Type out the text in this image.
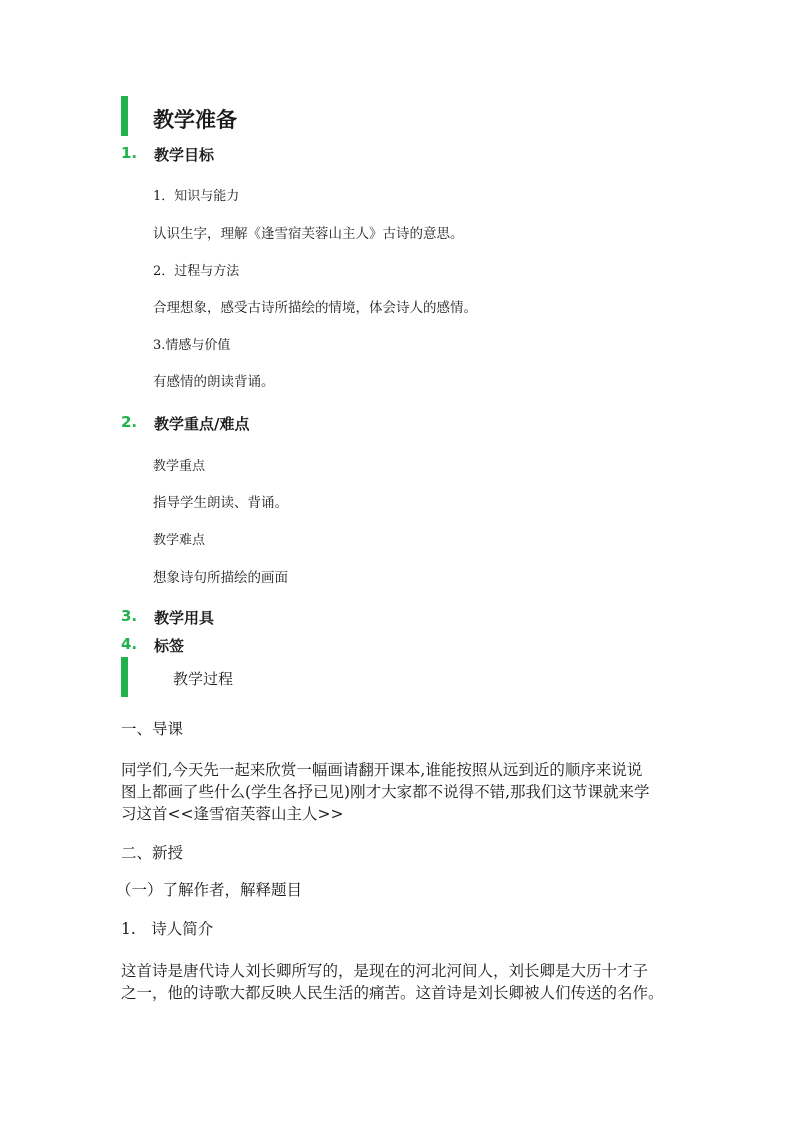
教学准备
1. 教学目标
1．知识与能力
认识生字，理解《逢雪宿芙蓉山主人》古诗的意思。
2．过程与方法
合理想象，感受古诗所描绘的情境，体会诗人的感情。
3.情感与价值
有感情的朗读背诵。
2. 教学重点/难点
教学重点
指导学生朗读、背诵。
教学难点
想象诗句所描绘的画面
3. 教学用具
4. 标签
教学过程
一、导课
同学们,今天先一起来欣赏一幅画请翻开课本,谁能按照从远到近的顺序来说说
图上都画了些什么(学生各抒已见)刚才大家都不说得不错,那我们这节课就来学
习这首<<逢雪宿芙蓉山主人>>
二、新授
（一）了解作者，解释题目
1.　诗人简介
这首诗是唐代诗人刘长卿所写的，是现在的河北河间人，刘长卿是大历十才子
之一，他的诗歌大都反映人民生活的痛苦。这首诗是刘长卿被人们传送的名作。
